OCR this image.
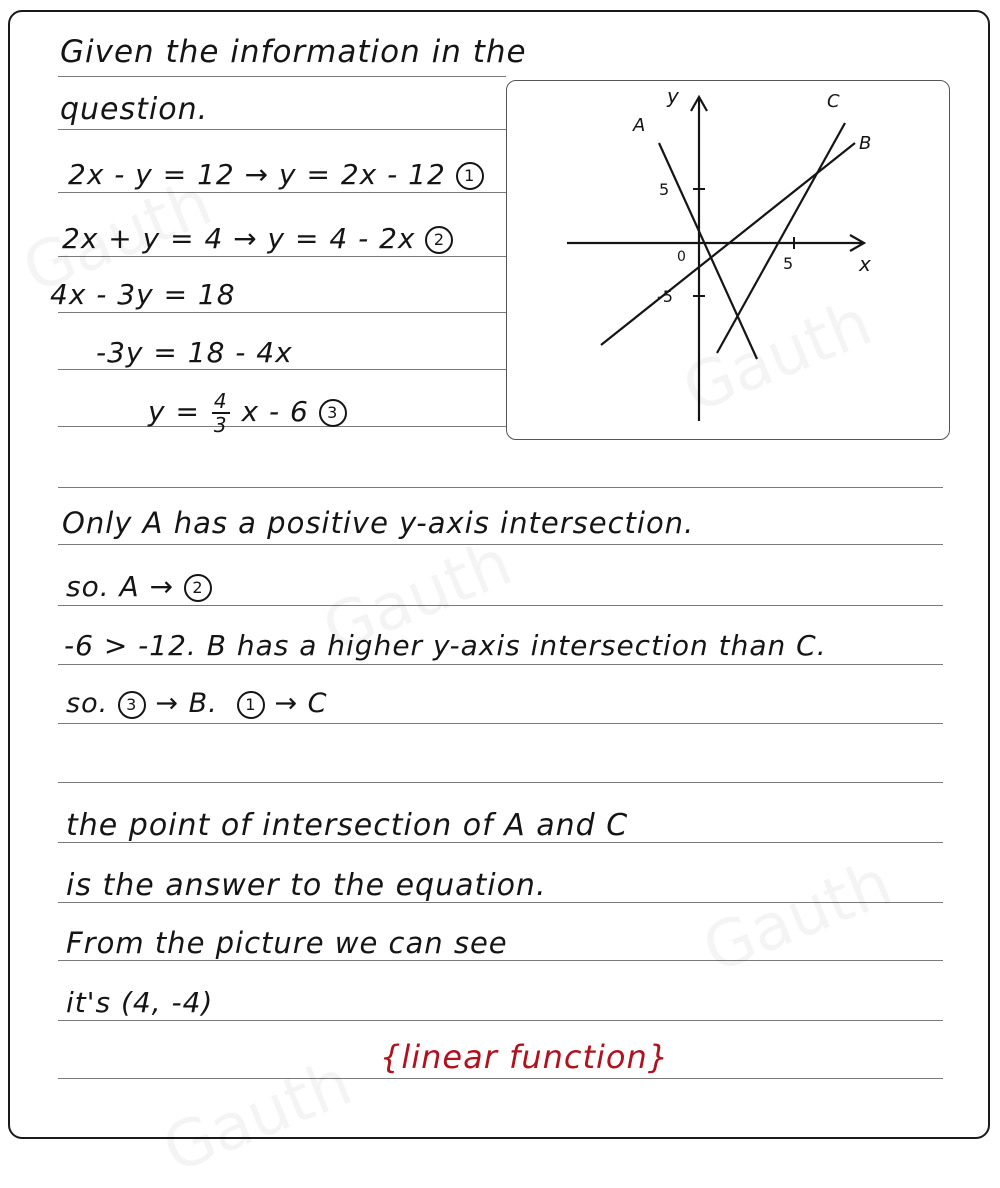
Given the information in the
question.
2x - y = 12 → y = 2x - 12 1
2x + y = 4 → y = 4 - 2x 2
4x - 3y = 18
-3y = 18 - 4x
$y = \frac{4}{3}$ x - 6 3
Only A has a positive y-axis intersection.
so. A → 2
-6 > -12. B has a higher y-axis intersection than C.
so. 3 → B. 1 → C
the point of intersection of A and C
is the answer to the equation.
From the picture we can see
it's (4, -4)
{linear function}
y
x
A
B
C
5
0	5
-5
